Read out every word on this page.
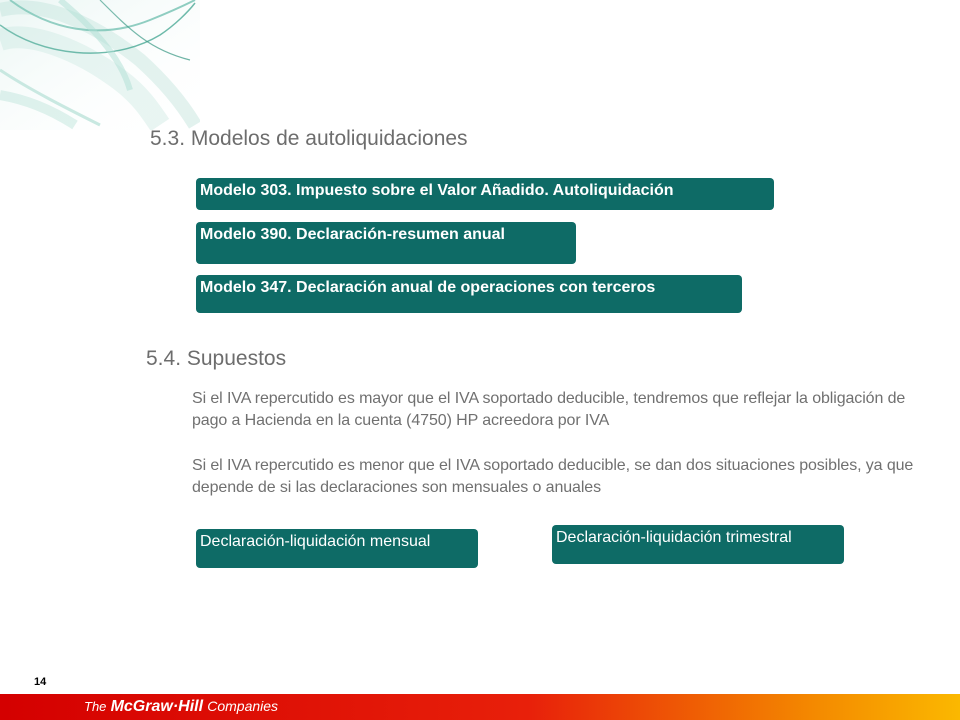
5.3. Modelos de autoliquidaciones
Modelo 303. Impuesto sobre el Valor Añadido. Autoliquidación
Modelo 390. Declaración-resumen anual
Modelo 347. Declaración anual de operaciones con terceros
5.4. Supuestos
Si el IVA repercutido es mayor que el IVA soportado deducible, tendremos que reflejar la obligación de pago a Hacienda en la cuenta (4750) HP acreedora por IVA
Si el IVA repercutido es menor que el IVA soportado deducible, se dan dos situaciones posibles, ya que depende de si las declaraciones son mensuales o anuales
Declaración-liquidación mensual	Declaración-liquidación trimestral
14
The McGraw·Hill Companies
